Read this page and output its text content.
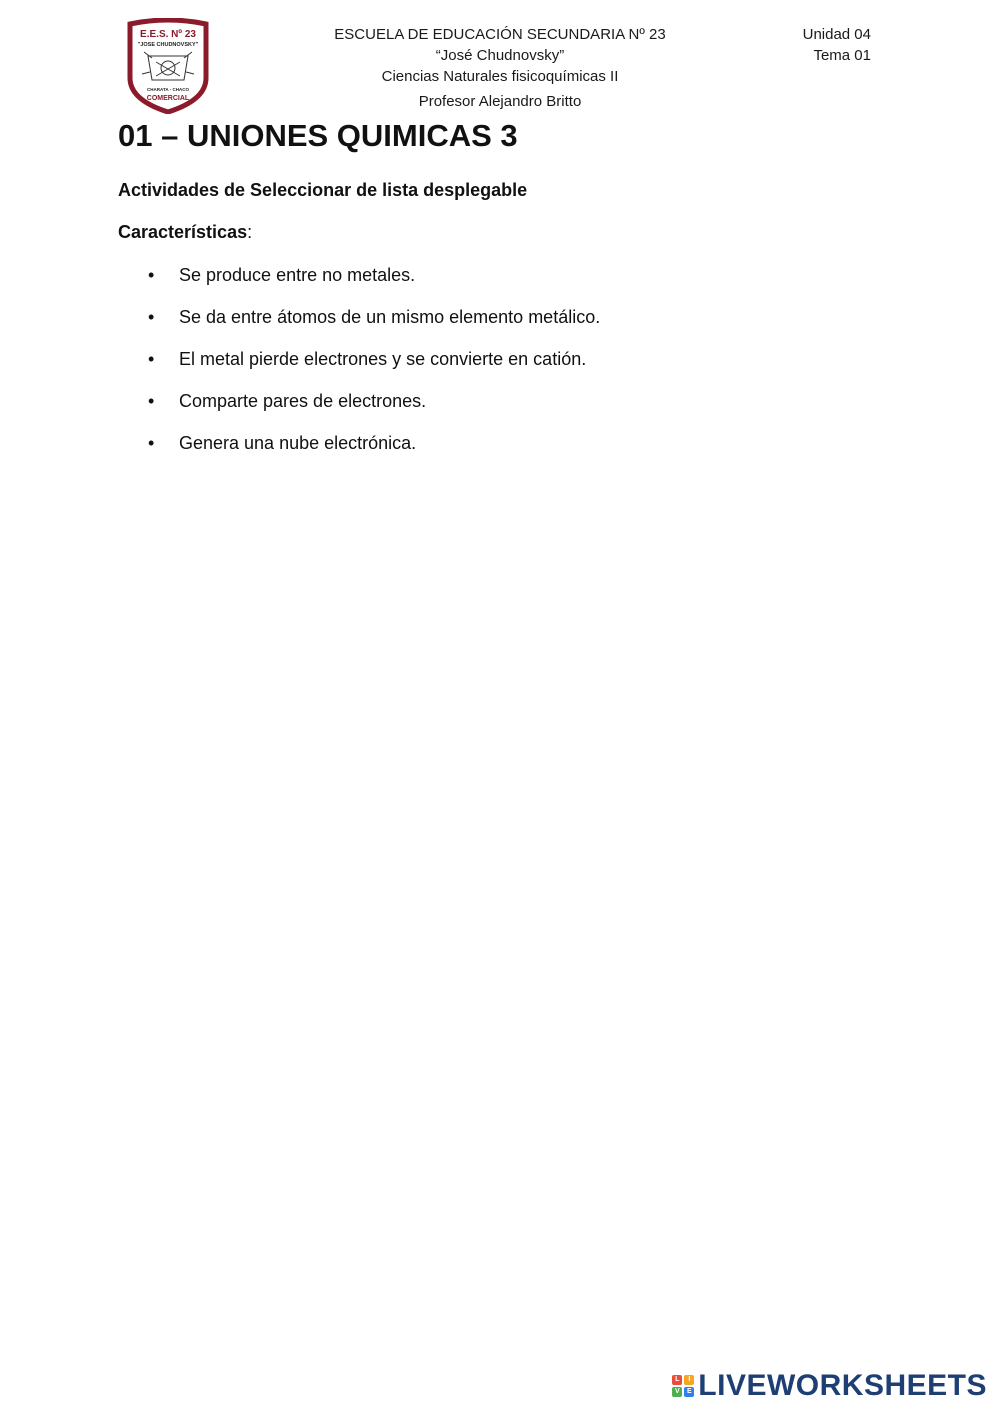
E.E.S. Nº 23
"JOSE CHUDNOVSKY"
CHARATA - CHACO
COMERCIAL
ESCUELA DE EDUCACIÓN SECUNDARIA Nº 23
“José Chudnovsky”
Ciencias Naturales fisicoquímicas II
Profesor Alejandro Britto
Unidad 04
Tema 01
01 – UNIONES QUIMICAS 3

Actividades de Seleccionar de lista desplegable

Características:

•	Se produce entre no metales.
•	Se da entre átomos de un mismo elemento metálico.
•	El metal pierde electrones y se convierte en catión.
•	Comparte pares de electrones.
•	Genera una nube electrónica.
L	I
V	E LIVEWORKSHEETS
